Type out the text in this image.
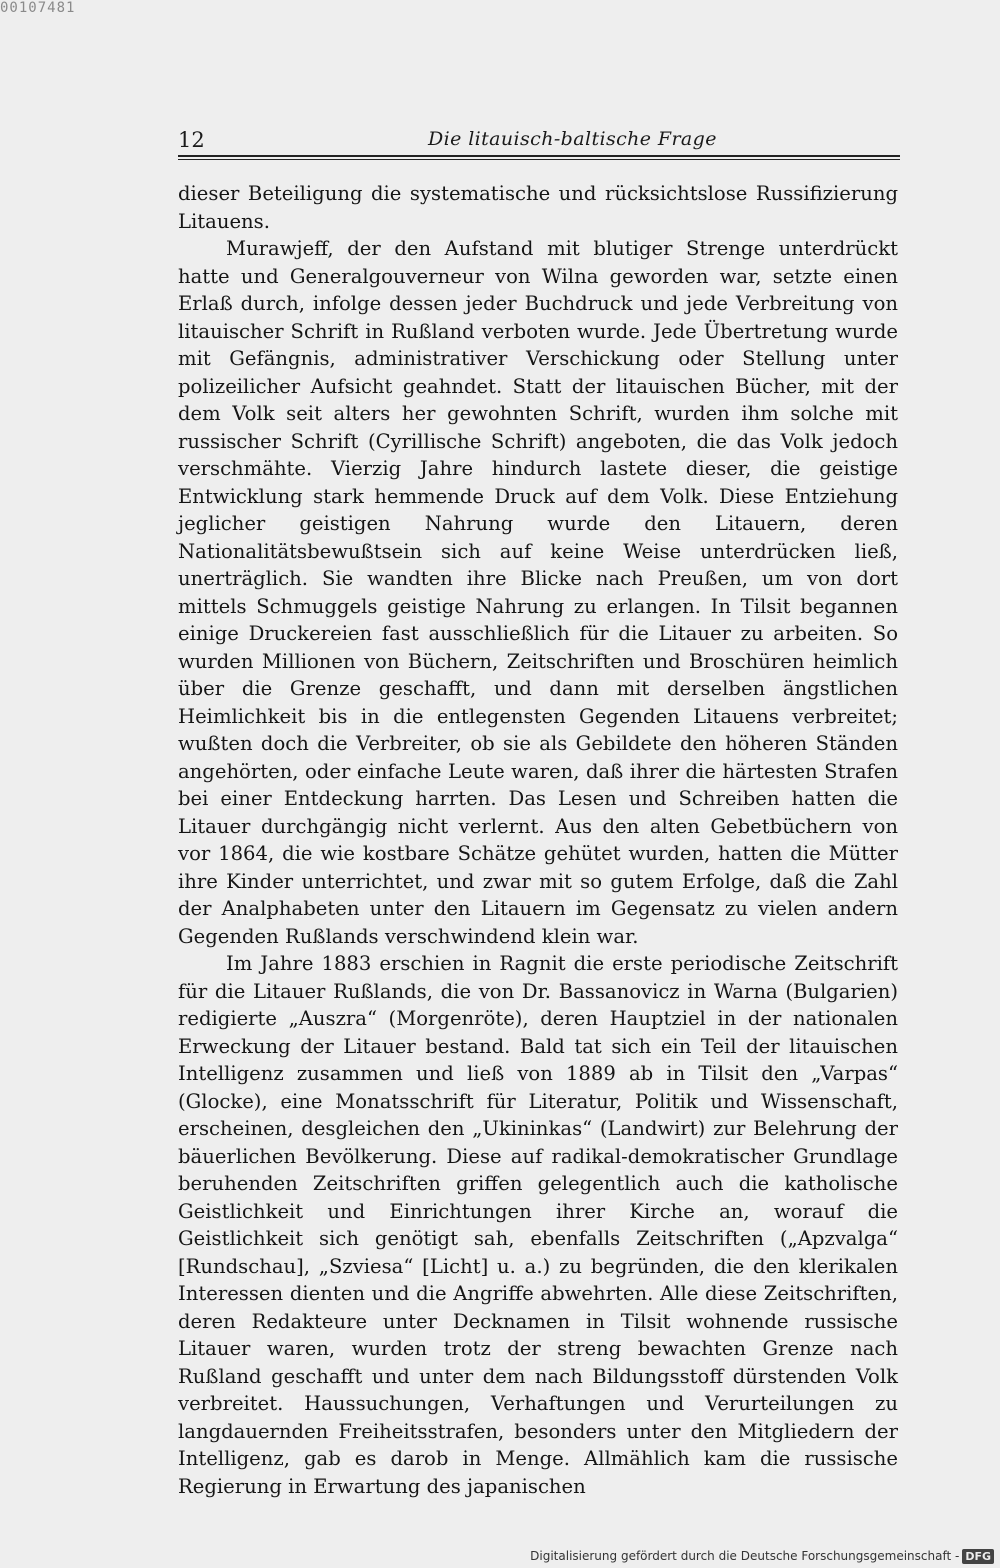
00107481
12	Die litauisch-baltische Frage

dieser Beteiligung die systematische und rücksichtslose Russifizierung Litauens.

Murawjeff, der den Aufstand mit blutiger Strenge unterdrückt hatte und Generalgouverneur von Wilna geworden war, setzte einen Erlaß durch, infolge dessen jeder Buchdruck und jede Verbreitung von litauischer Schrift in Rußland verboten wurde. Jede Übertretung wurde mit Gefängnis, administrativer Verschickung oder Stellung unter polizeilicher Aufsicht geahndet. Statt der litauischen Bücher, mit der dem Volk seit alters her gewohnten Schrift, wurden ihm solche mit russischer Schrift (Cyrillische Schrift) angeboten, die das Volk jedoch verschmähte. Vierzig Jahre hindurch lastete dieser, die geistige Entwicklung stark hemmende Druck auf dem Volk. Diese Entziehung jeglicher geistigen Nahrung wurde den Litauern, deren Nationalitätsbewußtsein sich auf keine Weise unterdrücken ließ, unerträglich. Sie wandten ihre Blicke nach Preußen, um von dort mittels Schmuggels geistige Nahrung zu erlangen. In Tilsit begannen einige Druckereien fast ausschließlich für die Litauer zu arbeiten. So wurden Millionen von Büchern, Zeitschriften und Broschüren heimlich über die Grenze geschafft, und dann mit derselben ängstlichen Heimlichkeit bis in die entlegensten Gegenden Litauens verbreitet; wußten doch die Verbreiter, ob sie als Gebildete den höheren Ständen angehörten, oder einfache Leute waren, daß ihrer die härtesten Strafen bei einer Entdeckung harrten. Das Lesen und Schreiben hatten die Litauer durchgängig nicht verlernt. Aus den alten Gebetbüchern von vor 1864, die wie kostbare Schätze gehütet wurden, hatten die Mütter ihre Kinder unterrichtet, und zwar mit so gutem Erfolge, daß die Zahl der Analphabeten unter den Litauern im Gegensatz zu vielen andern Gegenden Rußlands verschwindend klein war.

Im Jahre 1883 erschien in Ragnit die erste periodische Zeitschrift für die Litauer Rußlands, die von Dr. Bassanovicz in Warna (Bulgarien) redigierte „Auszra“ (Morgenröte), deren Hauptziel in der nationalen Erweckung der Litauer bestand. Bald tat sich ein Teil der litauischen Intelligenz zusammen und ließ von 1889 ab in Tilsit den „Varpas“ (Glocke), eine Monatsschrift für Literatur, Politik und Wissenschaft, erscheinen, desgleichen den „Ukininkas“ (Landwirt) zur Belehrung der bäuerlichen Bevölkerung. Diese auf radikal-demokratischer Grundlage beruhenden Zeitschriften griffen gelegentlich auch die katholische Geistlichkeit und Einrichtungen ihrer Kirche an, worauf die Geistlichkeit sich genötigt sah, ebenfalls Zeitschriften („Apzvalga“ [Rundschau], „Szviesa“ [Licht] u. a.) zu begründen, die den klerikalen Interessen dienten und die Angriffe abwehrten. Alle diese Zeitschriften, deren Redakteure unter Decknamen in Tilsit wohnende russische Litauer waren, wurden trotz der streng bewachten Grenze nach Rußland geschafft und unter dem nach Bildungsstoff dürstenden Volk verbreitet. Haussuchungen, Verhaftungen und Verurteilungen zu langdauernden Freiheitsstrafen, besonders unter den Mitgliedern der Intelligenz, gab es darob in Menge. Allmählich kam die russische Regierung in Erwartung des japanischen

Digitalisierung gefördert durch die Deutsche Forschungsgemeinschaft - DFG
